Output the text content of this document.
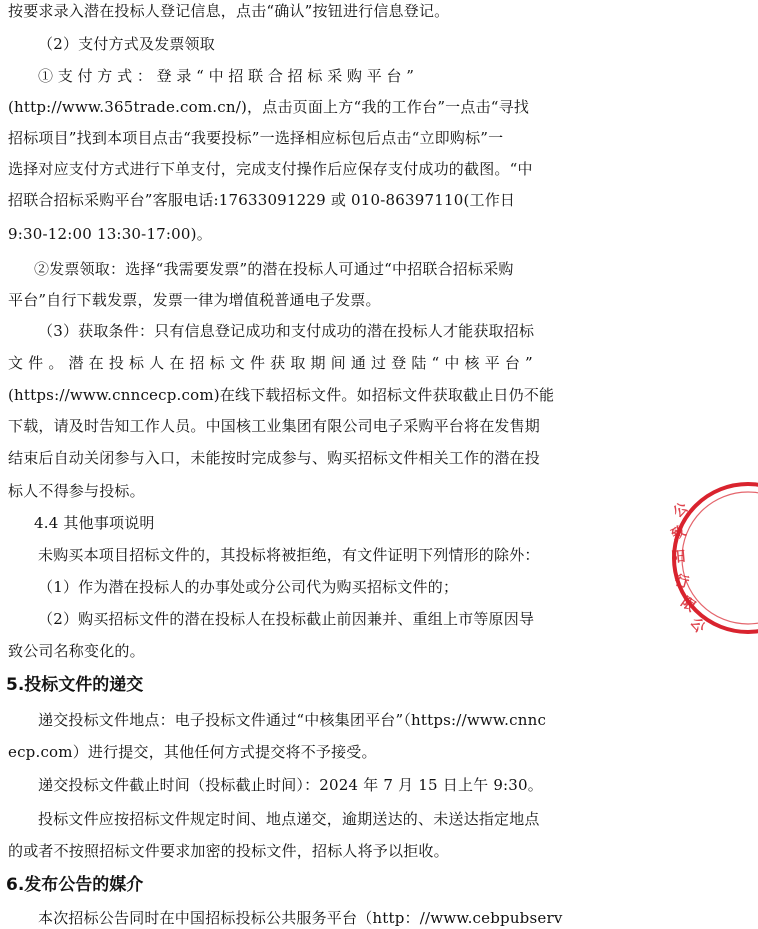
按要求录入潜在投标人登记信息，点击“确认”按钮进行信息登记。
（2）支付方式及发票领取
① 支 付 方 式 ： 登 录 “ 中 招 联 合 招 标 采 购 平 台 ”
(http://www.365trade.com.cn/)，点击页面上方“我的工作台”一点击“寻找
招标项目”找到本项目点击“我要投标”一选择相应标包后点击“立即购标”一
选择对应支付方式进行下单支付，完成支付操作后应保存支付成功的截图。“中
招联合招标采购平台”客服电话:17633091229 或 010-86397110(工作日
9:30-12:00 13:30-17:00)。
②发票领取：选择“我需要发票”的潜在投标人可通过“中招联合招标采购
平台”自行下载发票，发票一律为增值税普通电子发票。
（3）获取条件：只有信息登记成功和支付成功的潜在投标人才能获取招标
文 件 。 潜 在 投 标 人 在 招 标 文 件 获 取 期 间 通 过 登 陆 “ 中 核 平 台 ”
(https://www.cnncecp.com)在线下载招标文件。如招标文件获取截止日仍不能
下载，请及时告知工作人员。中国核工业集团有限公司电子采购平台将在发售期
结束后自动关闭参与入口，未能按时完成参与、购买招标文件相关工作的潜在投
标人不得参与投标。
4.4 其他事项说明
未购买本项目招标文件的，其投标将被拒绝，有文件证明下列情形的除外：
（1）作为潜在投标人的办事处或分公司代为购买招标文件的；
（2）购买招标文件的潜在投标人在投标截止前因兼并、重组上市等原因导
致公司名称变化的。
5.投标文件的递交
递交投标文件地点：电子投标文件通过“中核集团平台”（https://www.cnnc
ecp.com）进行提交，其他任何方式提交将不予接受。
递交投标文件截止时间（投标截止时间）：2024 年 7 月 15 日上午 9:30。
投标文件应按招标文件规定时间、地点递交，逾期送达的、未送达指定地点
的或者不按照招标文件要求加密的投标文件，招标人将予以拒收。
6.发布公告的媒介
本次招标公告同时在中国招标投标公共服务平台（http：//www.cebpubserv
公
致
阳
行
限
公
